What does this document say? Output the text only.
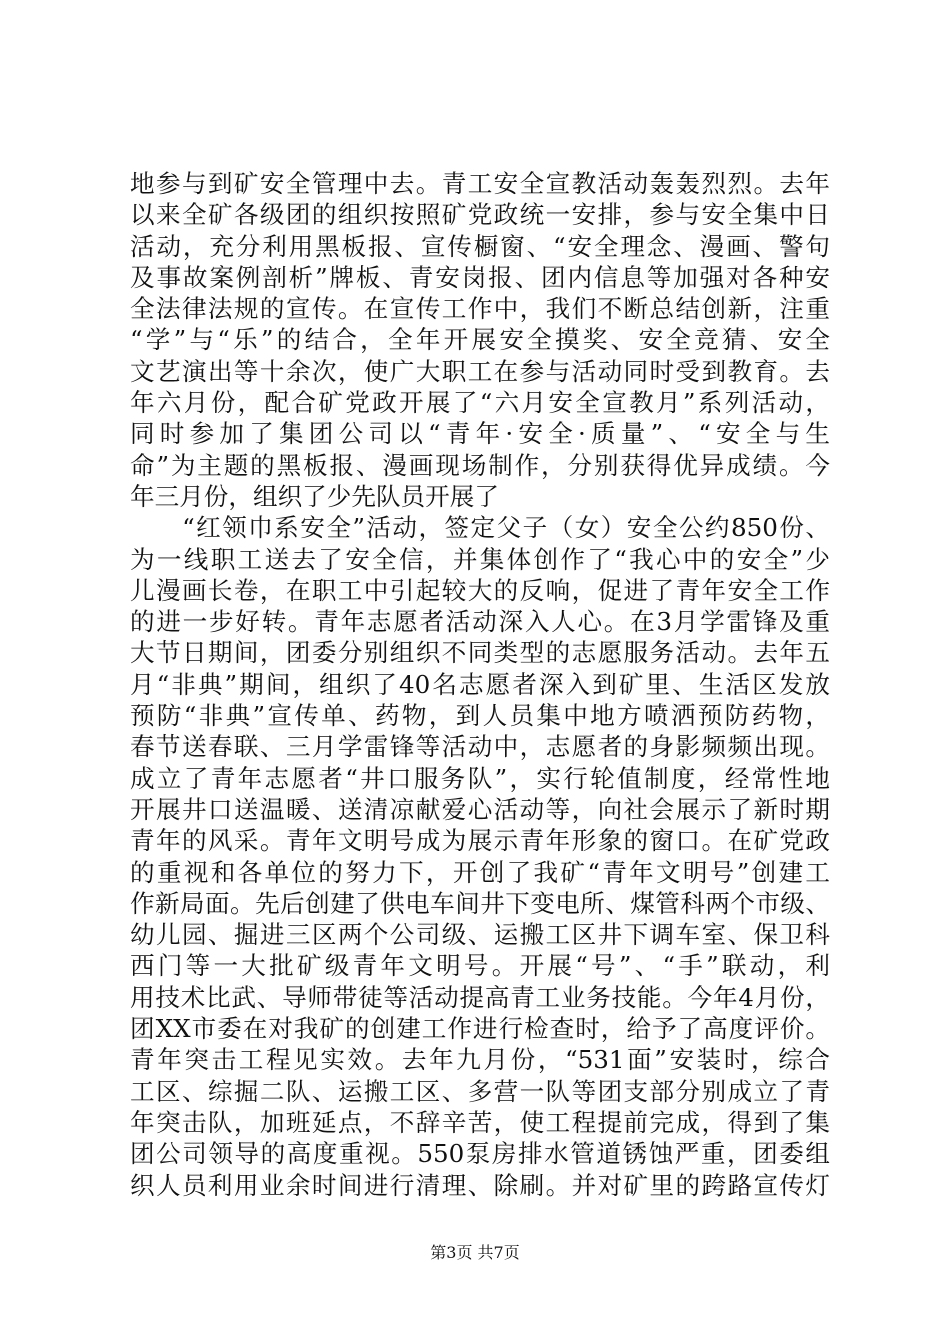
地参与到矿安全管理中去。青工安全宣教活动轰轰烈烈。去年
以来全矿各级团的组织按照矿党政统一安排，参与安全集中日
活动，充分利用黑板报、宣传橱窗、“安全理念、漫画、警句
及事故案例剖析”牌板、青安岗报、团内信息等加强对各种安
全法律法规的宣传。在宣传工作中，我们不断总结创新，注重
“学”与“乐”的结合，全年开展安全摸奖、安全竞猜、安全
文艺演出等十余次，使广大职工在参与活动同时受到教育。去
年六月份，配合矿党政开展了“六月安全宣教月”系列活动，
同时参加了集团公司以“青年·安全·质量”、“安全与生
命”为主题的黑板报、漫画现场制作，分别获得优异成绩。今
年三月份，组织了少先队员开展了
　　“红领巾系安全”活动，签定父子（女）安全公约850份、
为一线职工送去了安全信，并集体创作了“我心中的安全”少
儿漫画长卷，在职工中引起较大的反响，促进了青年安全工作
的进一步好转。青年志愿者活动深入人心。在3月学雷锋及重
大节日期间，团委分别组织不同类型的志愿服务活动。去年五
月“非典”期间，组织了40名志愿者深入到矿里、生活区发放
预防“非典”宣传单、药物，到人员集中地方喷洒预防药物，
春节送春联、三月学雷锋等活动中，志愿者的身影频频出现。
成立了青年志愿者“井口服务队”，实行轮值制度，经常性地
开展井口送温暖、送清凉献爱心活动等，向社会展示了新时期
青年的风采。青年文明号成为展示青年形象的窗口。在矿党政
的重视和各单位的努力下，开创了我矿“青年文明号”创建工
作新局面。先后创建了供电车间井下变电所、煤管科两个市级、
幼儿园、掘进三区两个公司级、运搬工区井下调车室、保卫科
西门等一大批矿级青年文明号。开展“号”、“手”联动，利
用技术比武、导师带徒等活动提高青工业务技能。今年4月份，
团XX市委在对我矿的创建工作进行检查时，给予了高度评价。
青年突击工程见实效。去年九月份，“531面”安装时，综合
工区、综掘二队、运搬工区、多营一队等团支部分别成立了青
年突击队，加班延点，不辞辛苦，使工程提前完成，得到了集
团公司领导的高度重视。550泵房排水管道锈蚀严重，团委组
织人员利用业余时间进行清理、除刷。并对矿里的跨路宣传灯
第3页 共7页
